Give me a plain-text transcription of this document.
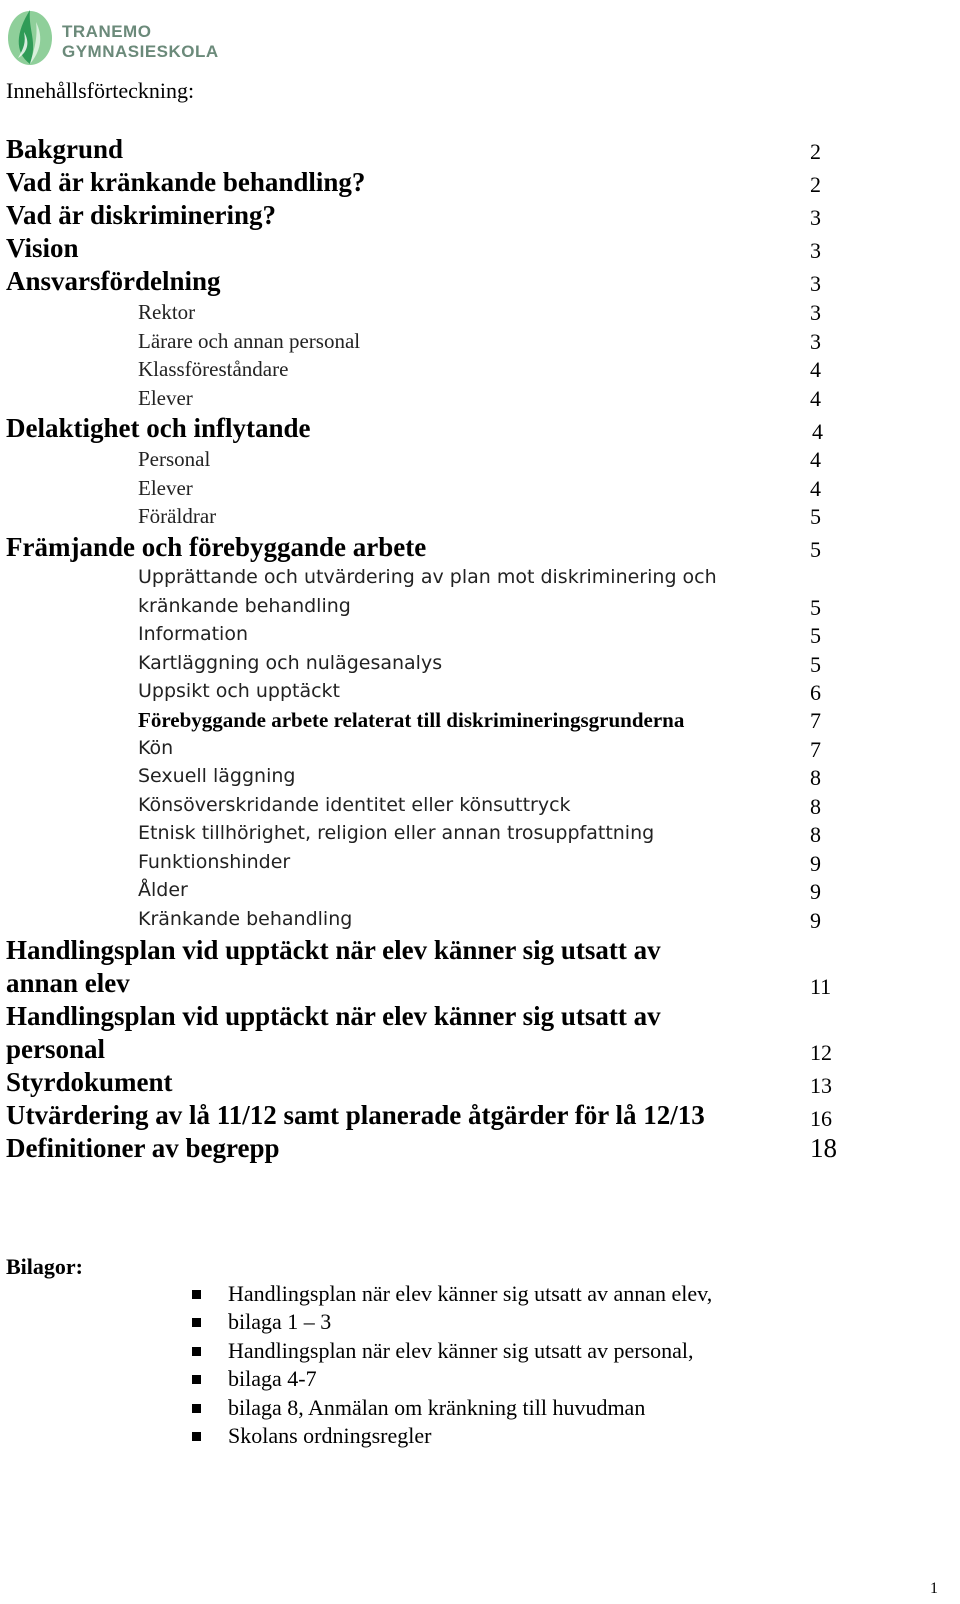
TRANEMO
GYMNASIESKOLA
Innehållsförteckning:
Bakgrund	2
Vad är kränkande behandling?	2
Vad är diskriminering?	3
Vision	3
Ansvarsfördelning	3
Rektor	3
Lärare och annan personal	3
Klassföreståndare	4
Elever	4
Delaktighet och inflytande	4
Personal	4
Elever	4
Föräldrar	5
Främjande och förebyggande arbete	5
Upprättande och utvärdering av plan mot diskriminering och
kränkande behandling	5
Information	5
Kartläggning och nulägesanalys	5
Uppsikt och upptäckt	6
Förebyggande arbete relaterat till diskrimineringsgrunderna	7
Kön	7
Sexuell läggning	8
Könsöverskridande identitet eller könsuttryck	8
Etnisk tillhörighet, religion eller annan trosuppfattning	8
Funktionshinder	9
Ålder	9
Kränkande behandling	9
Handlingsplan vid upptäckt när elev känner sig utsatt av
annan elev	11
Handlingsplan vid upptäckt när elev känner sig utsatt av
personal	12
Styrdokument	13
Utvärdering av lå 11/12 samt planerade åtgärder för lå 12/13	16
Definitioner av begrepp	18
Bilagor:
Handlingsplan när elev känner sig utsatt av annan elev,
bilaga 1 – 3
Handlingsplan när elev känner sig utsatt av personal,
bilaga 4-7
bilaga 8, Anmälan om kränkning till huvudman
Skolans ordningsregler
1
